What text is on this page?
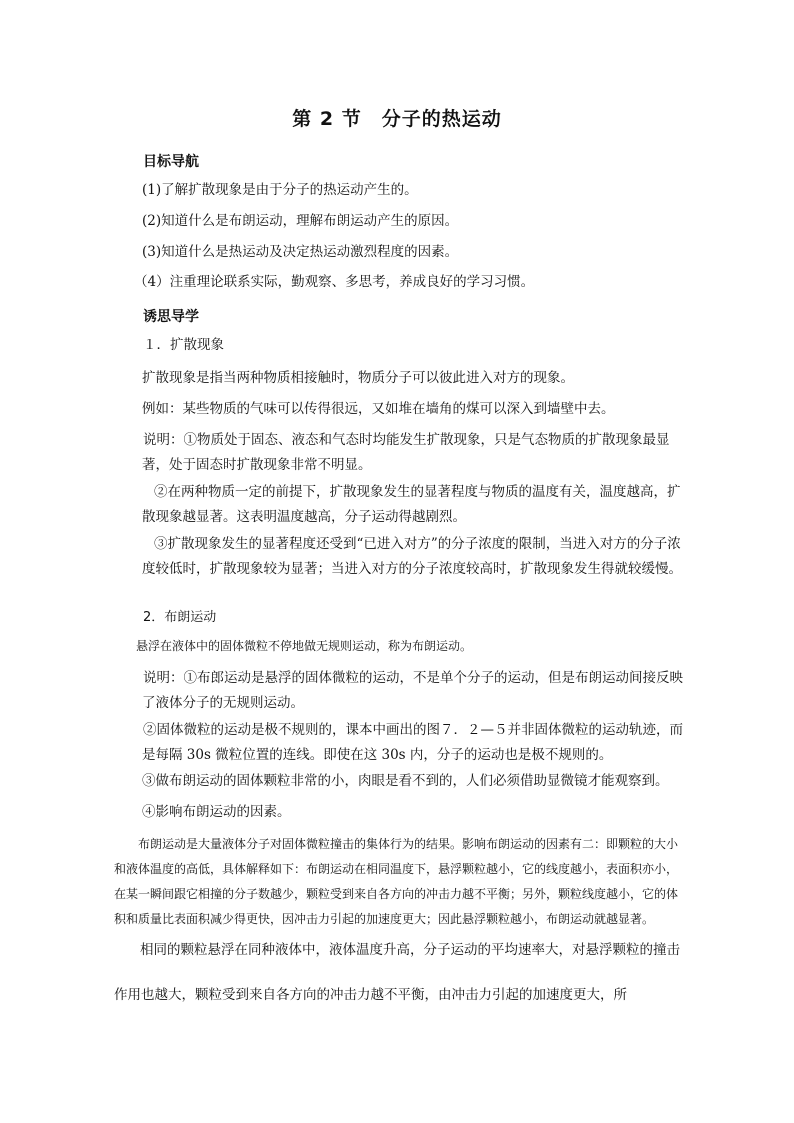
第 2 节　分子的热运动
目标导航

(1)了解扩散现象是由于分子的热运动产生的。

(2)知道什么是布朗运动，理解布朗运动产生的原因。

(3)知道什么是热运动及决定热运动激烈程度的因素。

（4）注重理论联系实际，勤观察、多思考，养成良好的学习习惯。

诱思导学

１．扩散现象

扩散现象是指当两种物质相接触时，物质分子可以彼此进入对方的现象。

例如：某些物质的气味可以传得很远，又如堆在墙角的煤可以深入到墙壁中去。

说明：①物质处于固态、液态和气态时均能发生扩散现象，只是气态物质的扩散现象最显著，处于固态时扩散现象非常不明显。

②在两种物质一定的前提下，扩散现象发生的显著程度与物质的温度有关，温度越高，扩散现象越显著。这表明温度越高，分子运动得越剧烈。

③扩散现象发生的显著程度还受到“已进入对方”的分子浓度的限制，当进入对方的分子浓度较低时，扩散现象较为显著；当进入对方的分子浓度较高时，扩散现象发生得就较缓慢。

2．布朗运动

悬浮在液体中的固体微粒不停地做无规则运动，称为布朗运动。

说明：①布郎运动是悬浮的固体微粒的运动，不是单个分子的运动，但是布朗运动间接反映了液体分子的无规则运动。

②固体微粒的运动是极不规则的，课本中画出的图７．２—５并非固体微粒的运动轨迹，而是每隔 30s 微粒位置的连线。即使在这 30s 内，分子的运动也是极不规则的。

③做布朗运动的固体颗粒非常的小，肉眼是看不到的，人们必须借助显微镜才能观察到。

④影响布朗运动的因素。

布朗运动是大量液体分子对固体微粒撞击的集体行为的结果。影响布朗运动的因素有二：即颗粒的大小和液体温度的高低，具体解释如下：布朗运动在相同温度下，悬浮颗粒越小，它的线度越小，表面积亦小，在某一瞬间跟它相撞的分子数越少，颗粒受到来自各方向的冲击力越不平衡；另外，颗粒线度越小，它的体积和质量比表面积减少得更快，因冲击力引起的加速度更大；因此悬浮颗粒越小，布朗运动就越显著。

相同的颗粒悬浮在同种液体中，液体温度升高，分子运动的平均速率大，对悬浮颗粒的撞击作用也越大，颗粒受到来自各方向的冲击力越不平衡，由冲击力引起的加速度更大，所
